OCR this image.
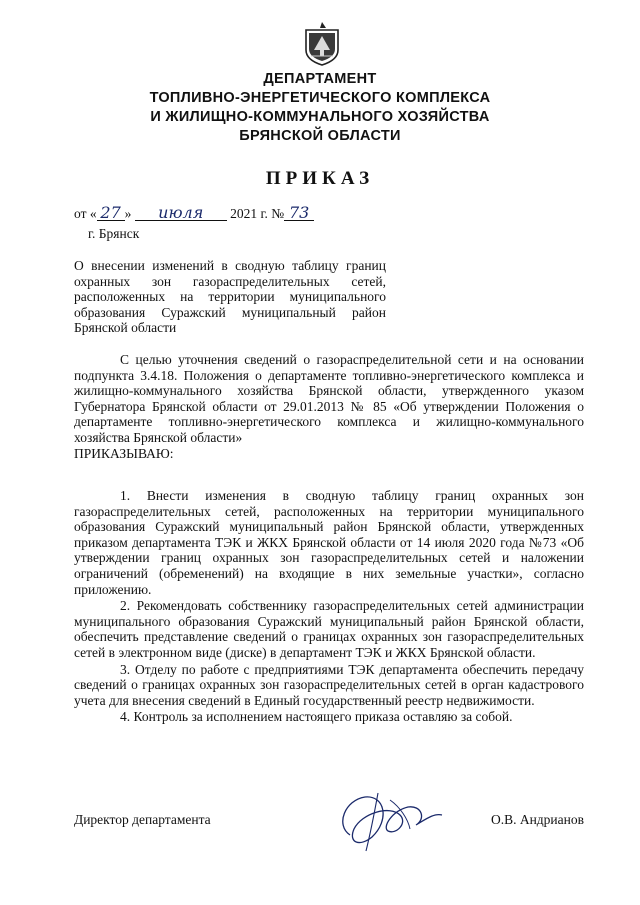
ДЕПАРТАМЕНТ
ТОПЛИВНО-ЭНЕРГЕТИЧЕСКОГО КОМПЛЕКСА
И ЖИЛИЩНО-КОММУНАЛЬНОГО ХОЗЯЙСТВА
БРЯНСКОЙ ОБЛАСТИ
ПРИКАЗ
от « 27 » июля 2021 г. № 73
г. Брянск
О внесении изменений в сводную таблицу границ охранных зон газораспределительных сетей, расположенных на территории муниципального образования Суражский муниципальный район Брянской области

С целью уточнения сведений о газораспределительной сети и на основании подпункта 3.4.18. Положения о департаменте топливно-энергетического комплекса и жилищно-коммунального хозяйства Брянской области, утвержденного указом Губернатора Брянской области от 29.01.2013 № 85 «Об утверждении Положения о департаменте топливно-энергетического комплекса и жилищно-коммунального хозяйства Брянской области»

ПРИКАЗЫВАЮ:

1. Внести изменения в сводную таблицу границ охранных зон газораспределительных сетей, расположенных на территории муниципального образования Суражский муниципальный район Брянской области, утвержденных приказом департамента ТЭК и ЖКХ Брянской области от 14 июля 2020 года №73 «Об утверждении границ охранных зон газораспределительных сетей и наложении ограничений (обременений) на входящие в них земельные участки», согласно приложению.

2. Рекомендовать собственнику газораспределительных сетей администрации муниципального образования Суражский муниципальный район Брянской области, обеспечить представление сведений о границах охранных зон газораспределительных сетей в электронном виде (диске) в департамент ТЭК и ЖКХ Брянской области.

3. Отделу по работе с предприятиями ТЭК департамента обеспечить передачу сведений о границах охранных зон газораспределительных сетей в орган кадастрового учета для внесения сведений в Единый государственный реестр недвижимости.

4. Контроль за исполнением настоящего приказа оставляю за собой.

Директор департамента	О.В. Андрианов
